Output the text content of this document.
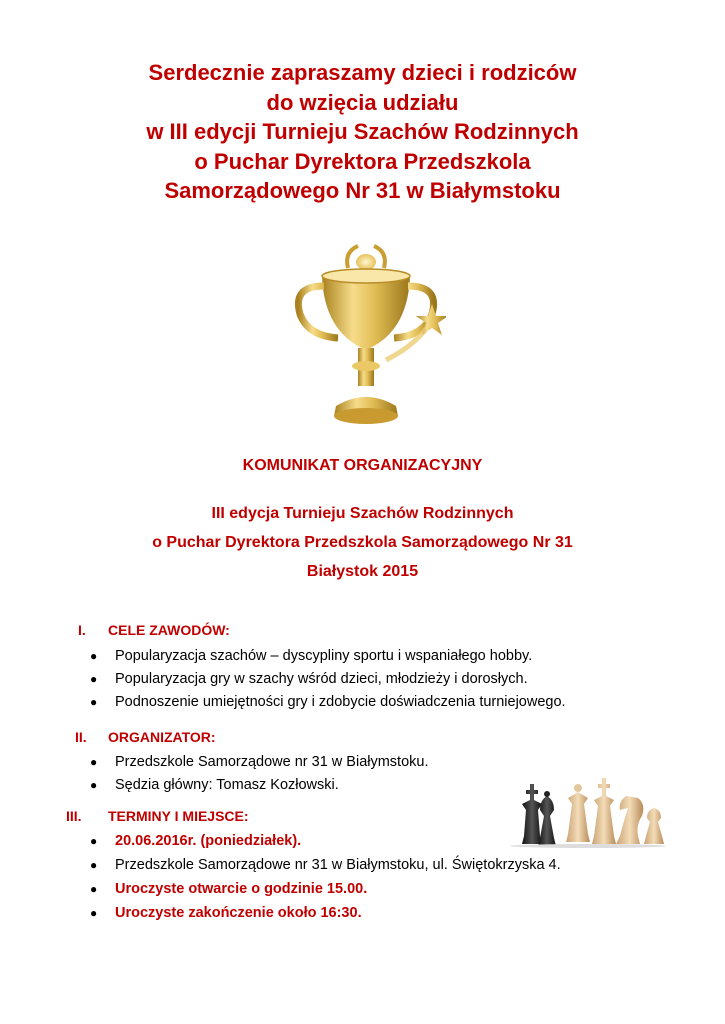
Serdecznie zapraszamy dzieci i rodziców
do wzięcia udziału
w III edycji Turnieju Szachów Rodzinnych
o Puchar Dyrektora Przedszkola
Samorządowego Nr 31 w Białymstoku
KOMUNIKAT ORGANIZACYJNY
III edycja Turnieju Szachów Rodzinnych
o Puchar Dyrektora Przedszkola Samorządowego Nr 31
Białystok 2015
I. CELE ZAWODÓW:
● Popularyzacja szachów – dyscypliny sportu i wspaniałego hobby.
● Popularyzacja gry w szachy wśród dzieci, młodzieży i dorosłych.
● Podnoszenie umiejętności gry i zdobycie doświadczenia turniejowego.
II. ORGANIZATOR:
● Przedszkole Samorządowe nr 31 w Białymstoku.
● Sędzia główny: Tomasz Kozłowski.
III. TERMINY I MIEJSCE:
● 20.06.2016r. (poniedziałek).
● Przedszkole Samorządowe nr 31 w Białymstoku, ul. Świętokrzyska 4.
● Uroczyste otwarcie o godzinie 15.00.
● Uroczyste zakończenie około 16:30.
